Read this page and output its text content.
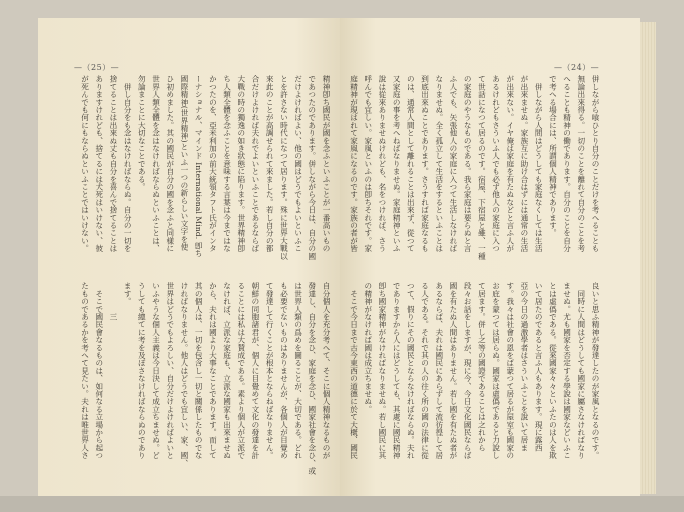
—（25）—
精神卽ち國民が國を念ふといふことが一番高いもの
であつたのであります。併しながら今日は、自分の國
だけよければよい、他の國はどうでもよいといふこ
とを許さない時代になつて居ります。殊に世界大戰以
來此のことが高調せられて來ました。若し自分の都
合だけよければ夫れでよいといふことであるならば
大戰の時の獨逸の如き狀態に陷ります。世界精神卽
ち人類全體を念ふことを意味する言葉は今まではな
かつたのを、亞米利加の前大統領タフト氏がインタ
ーナショナル、マインド International Mind. 卽ち
國際精神(世界精神)といふ一つの新らしい文字を使
ひ初めました。其の國民が自分の國を念ふと同樣に
世界人類全體を念はなければならぬといふことは、
勿論まことに大切なことである。
　併し自分をも念はなければならぬ。自分の一切を
捨てることは出來ぬ丈も自分を喜んで捨てることは
ありますけれども、捨てるには犬死はいけない、彼
が死んでも何にもならぬといふことではいけない。
自分個人を充分考へて、そこに個人精神なるものが
發達し、自分を念ひ、家庭を念ひ、國家社會を念ひ、或
は世界人類の爲めを圖ることが、大切である。どれ
も必要でないものはありませんが、各個人が目覺め
て發達して行くことが根本とならねばなりません。
朝鮮の同胞諸君が、個人に目覺めて文化の發達を計
ることには私は大賛成である。素より個人が立派で
なければ、立派な家庭も、立派な國家も出來ませぬ
から、夫れは國より大事なことであります。而して
其の個人は、一切を包含し一切と關係したものでな
ければなりません。他人はどうでも宜しい、家、國、
世界はどうでもよろしい、自分だけよければよいと
いふやうな個人主義は今日決して成立ちませぬ。ど
うしても總てに考を及ぼさなければならぬのであり
ます。
　　　　三
　そこで國民會なるものは、如何なる立場から起つ
たものであるかを考へて見たい。夫れは唯世界人さ
—（24）—
併しながら喰ひとり自分のことだけを考へることも
無論出來得る。一切のことを離れて自分のことを考
へることも精神の働であります。自分のことを自分
で考へる場合には、所謂個人精神であります。
　併しながら人間はどうしても家庭なくしては生活
が出來ませぬ。家族互に助け合はずには通常の生活
が出來ない。イヤ俺は家庭を有たぬなどと言ふ人が
あるけれどもさういふ人でも必ず他人の家庭に入つ
て世話になつて居るのです。宿屋、下宿屋と雖、一種
の家庭のやうなものである。我ら家庭は要らぬと言
ふ人でも、矢張他人の家庭に入つて生活しなければ
なりませぬ。全く孤立して生活をするといふことは
到底出來ぬことであります。さうすれば家庭なるも
のは、通常人間として離れることは出來ず、從つて
又家庭の事を考へねばなりませぬ。家庭精神といふ
說は從來ありませぬけれども、名をつければ、さう
呼んでも宜しい。家風といふのは卽ちそれです。家
庭精神が現はれて家風になるのです。家族の者が皆
良いと思ふ精神が發達したのが家風となるのです。
　同時に人間はどうしても國家に屬さなければなり
ませぬ。尤も國家を否定する學說は國家などいふこ
とは虛僞である。從來國家々々といふたのは人を欺
いて居たのであると言ふ人もあります。現に露西
亞の今日の過激學者はさういふことを說いて居ま
す。我々は社會の恩をば蒙つて居るが屋室も國家の
お庇を蒙つては居らぬ。國家は虛僞であると力說し
て居ます。併し之等の國證であることは之れから
段々お話をしますが、現に今、今日文化國民ならば
國を有たぬ人間はありません。若し國を有たぬ者が
あるならば、夫れは國民にあらずして流彷徨して居
る人である。それで其の人の往く所の國の法律に從
つて、假りにその國民とならなければならぬ。夫れ
でありますから人にはどうしても、其處に國民精神
卽ち國家精神がなければなりませぬ。若し國民に其
の精神がなければ國は成立ちませぬ。
　そこで今日まで古今東西の道德に於て大概、國民
